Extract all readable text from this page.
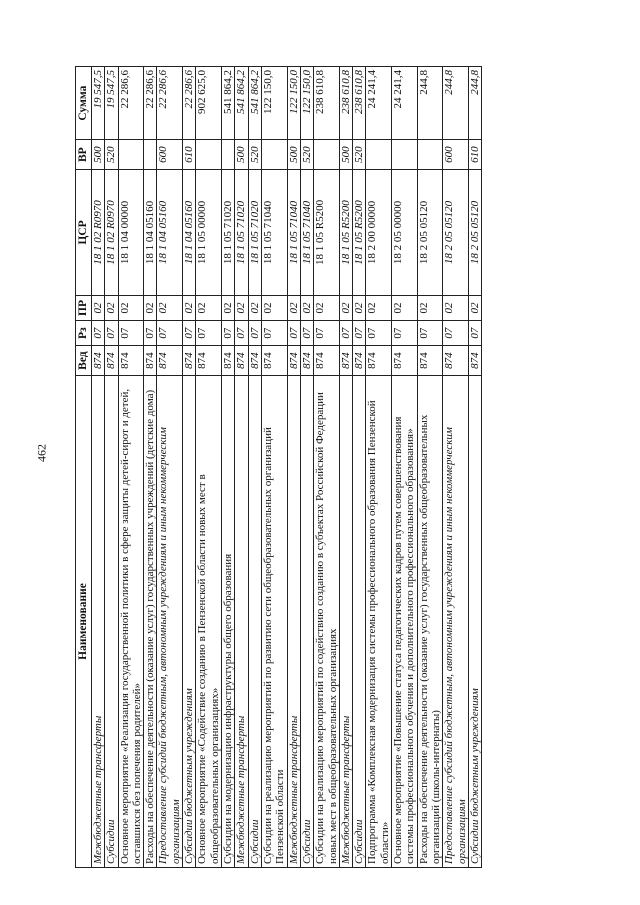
462
Наименование	Вед	Рз	ПР	ЦСР	ВР	Сумма
Межбюджетные трансферты	874	07	02	18 1 02 R0970	500	19 547,5
Субсидии	874	07	02	18 1 02 R0970	520	19 547,5
Основное мероприятие «Реализация государственной политики в сфере защиты детей-сирот и детей, оставшихся без попечения родителей»	874	07	02	18 1 04 00000		22 286,6
Расходы на обеспечение деятельности (оказание услуг) государственных учреждений (детские дома)	874	07	02	18 1 04 05160		22 286,6
Предоставление субсидий бюджетным, автономным учреждениям и иным некоммерческим организациям	874	07	02	18 1 04 05160	600	22 286,6
Субсидии бюджетным учреждениям	874	07	02	18 1 04 05160	610	22 286,6
Основное мероприятие «Содействие созданию в Пензенской области новых мест в общеобразовательных организациях»	874	07	02	18 1 05 00000		902 625,0
Субсидии на модернизацию инфраструктуры общего образования	874	07	02	18 1 05 71020		541 864,2
Межбюджетные трансферты	874	07	02	18 1 05 71020	500	541 864,2
Субсидии	874	07	02	18 1 05 71020	520	541 864,2
Субсидии на реализацию мероприятий по развитию сети общеобразовательных организаций Пензенской области	874	07	02	18 1 05 71040		122 150,0
Межбюджетные трансферты	874	07	02	18 1 05 71040	500	122 150,0
Субсидии	874	07	02	18 1 05 71040	520	122 150,0
Субсидии на реализацию мероприятий по содействию созданию в субъектах Российской Федерации новых мест в общеобразовательных организациях	874	07	02	18 1 05 R5200		238 610,8
Межбюджетные трансферты	874	07	02	18 1 05 R5200	500	238 610,8
Субсидии	874	07	02	18 1 05 R5200	520	238 610,8
Подпрограмма «Комплексная модернизация системы профессионального образования Пензенской области»	874	07	02	18 2 00 00000		24 241,4
Основное мероприятие «Повышение статуса педагогических кадров путем совершенствования системы профессионального обучения и дополнительного профессионального образования»	874	07	02	18 2 05 00000		24 241,4
Расходы на обеспечение деятельности (оказание услуг) государственных общеобразовательных организаций (школы-интернаты)	874	07	02	18 2 05 05120		244,8
Предоставление субсидий бюджетным, автономным учреждениям и иным некоммерческим организациям	874	07	02	18 2 05 05120	600	244,8
Субсидии бюджетным учреждениям	874	07	02	18 2 05 05120	610	244,8
